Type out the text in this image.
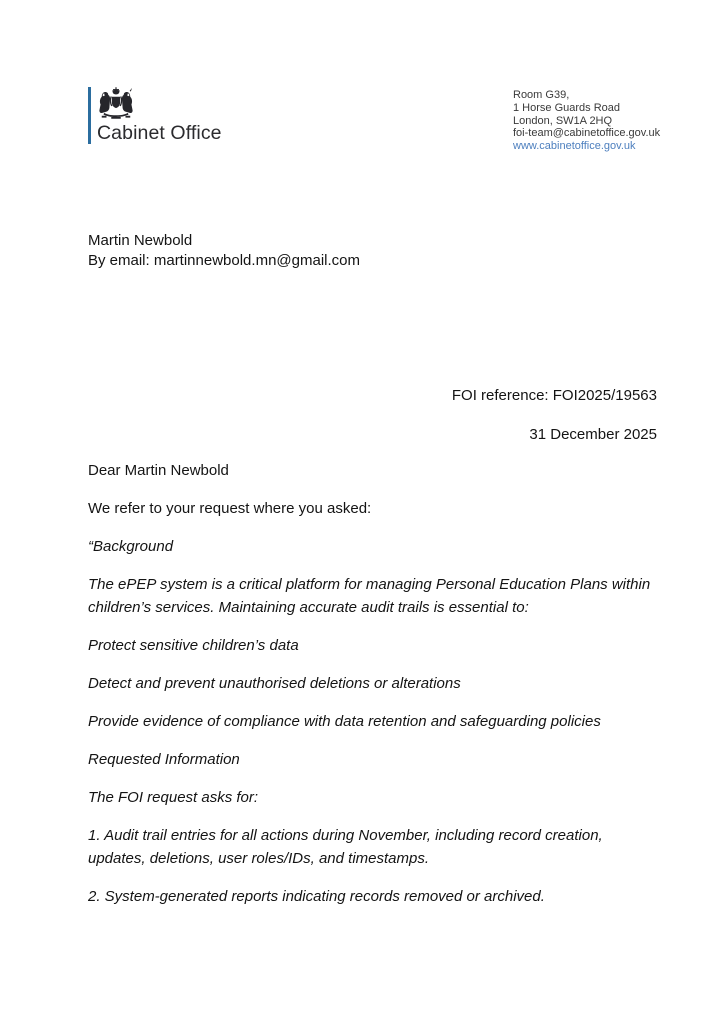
Cabinet Office
Room G39,
1 Horse Guards Road
London, SW1A 2HQ
foi-team@cabinetoffice.gov.uk
www.cabinetoffice.gov.uk
Martin Newbold
By email: martinnewbold.mn@gmail.com
FOI reference: FOI2025/19563
31 December 2025

Dear Martin Newbold

We refer to your request where you asked:

“Background

The ePEP system is a critical platform for managing Personal Education Plans within children’s services. Maintaining accurate audit trails is essential to:

Protect sensitive children’s data

Detect and prevent unauthorised deletions or alterations

Provide evidence of compliance with data retention and safeguarding policies

Requested Information

The FOI request asks for:

1. Audit trail entries for all actions during November, including record creation, updates, deletions, user roles/IDs, and timestamps.

2. System-generated reports indicating records removed or archived.
